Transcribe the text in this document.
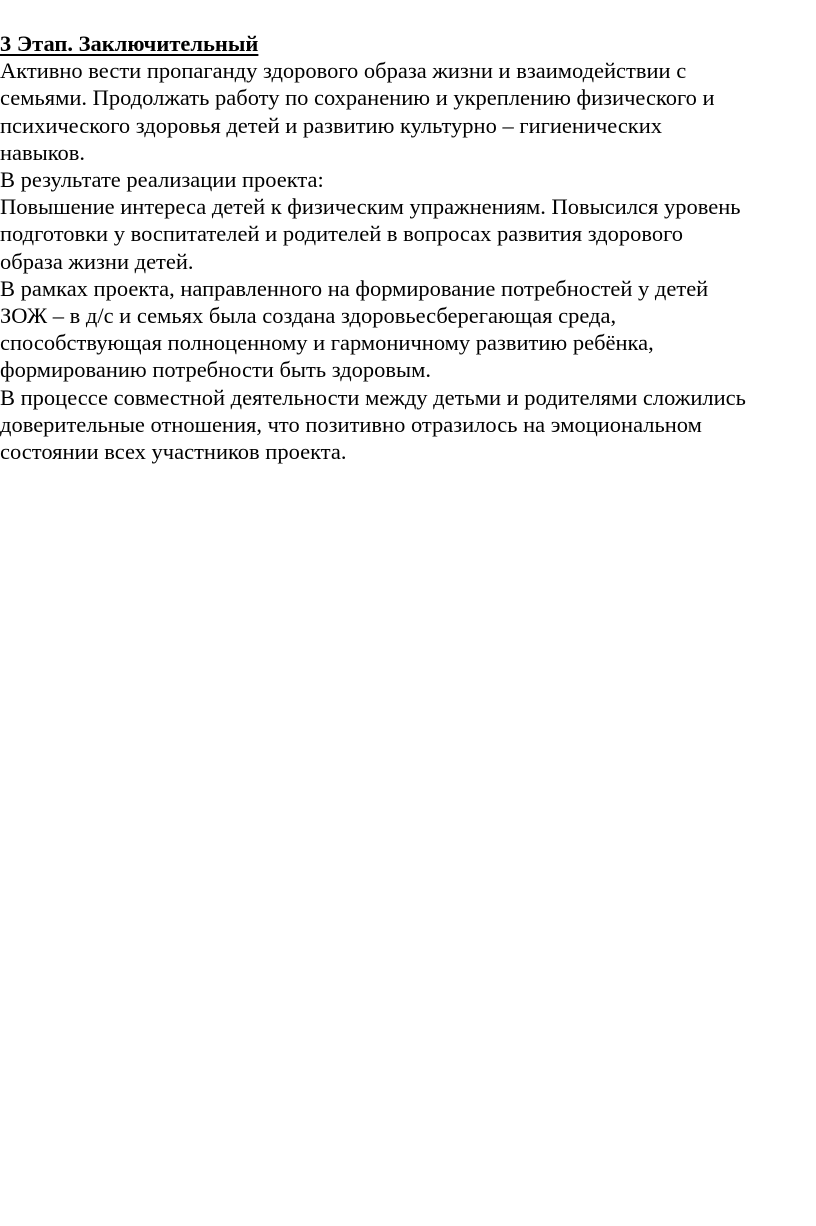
3 Этап. Заключительный
Активно вести пропаганду здорового образа жизни и взаимодействии с
семьями. Продолжать работу по сохранению и укреплению физического и
психического здоровья детей и развитию культурно – гигиенических
навыков.
В результате реализации проекта:
Повышение интереса детей к физическим упражнениям. Повысился уровень
подготовки у воспитателей и родителей в вопросах развития здорового
образа жизни детей.
В рамках проекта, направленного на формирование потребностей у детей
ЗОЖ – в д/с и семьях была создана здоровьесберегающая среда,
способствующая полноценному и гармоничному развитию ребёнка,
формированию потребности быть здоровым.
В процессе совместной деятельности между детьми и родителями сложились
доверительные отношения, что позитивно отразилось на эмоциональном
состоянии всех участников проекта.
